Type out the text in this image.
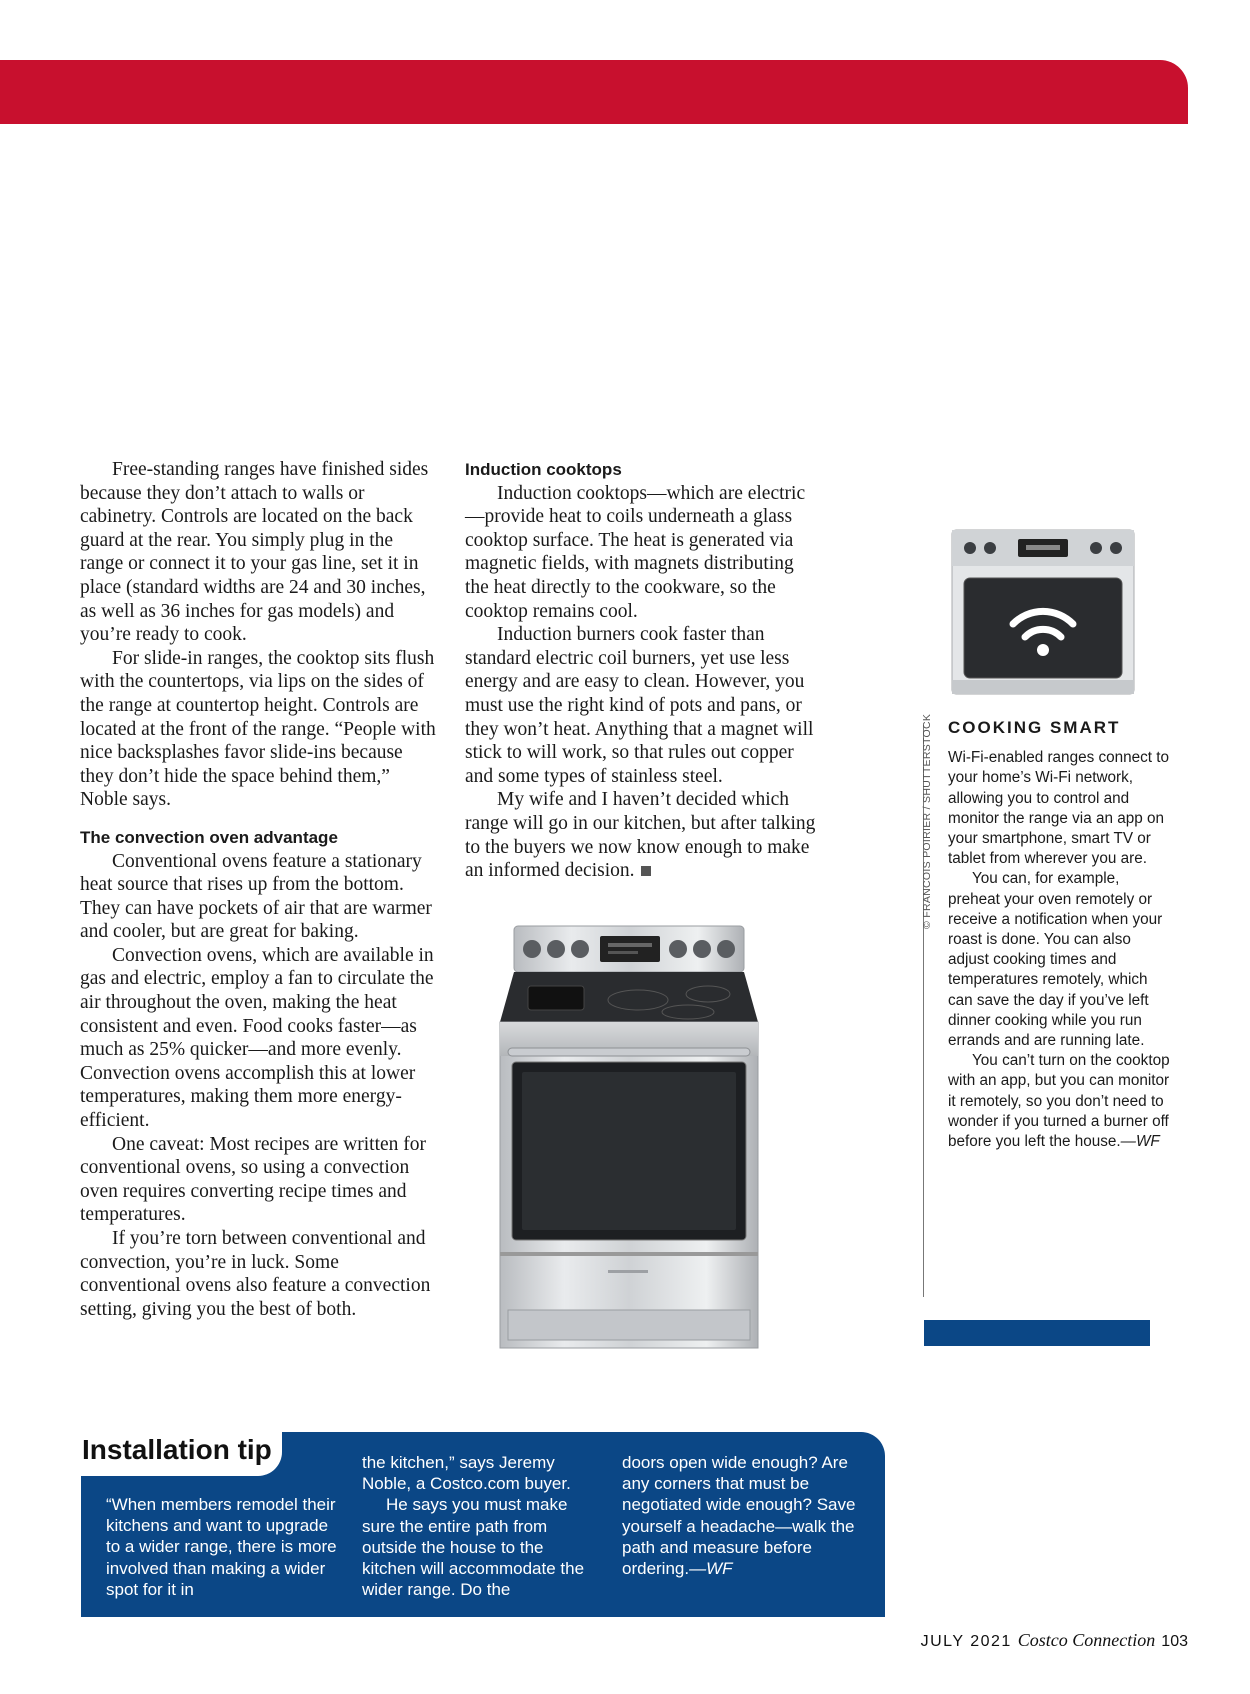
Free-standing ranges have finished sides because they don’t attach to walls or cabinetry. Controls are located on the back guard at the rear. You simply plug in the range or connect it to your gas line, set it in place (standard widths are 24 and 30 inches, as well as 36 inches for gas models) and you’re ready to cook.

For slide-in ranges, the cooktop sits flush with the countertops, via lips on the sides of the range at countertop height. Controls are located at the front of the range. “People with nice backsplashes favor slide-ins because they don’t hide the space behind them,” Noble says.

The convection oven advantage

Conventional ovens feature a stationary heat source that rises up from the bottom. They can have pockets of air that are warmer and cooler, but are great for baking.

Convection ovens, which are available in gas and electric, employ a fan to circulate the air throughout the oven, making the heat consistent and even. Food cooks faster—as much as 25% quicker—and more evenly. Convection ovens accomplish this at lower temperatures, making them more energy-efficient.

One caveat: Most recipes are written for conventional ovens, so using a convection oven requires converting recipe times and temperatures.

If you’re torn between conventional and convection, you’re in luck. Some conventional ovens also feature a convection setting, giving you the best of both.

Induction cooktops

Induction cooktops—which are electric—provide heat to coils underneath a glass cooktop surface. The heat is generated via magnetic fields, with magnets distributing the heat directly to the cookware, so the cooktop remains cool.

Induction burners cook faster than standard electric coil burners, yet use less energy and are easy to clean. However, you must use the right kind of pots and pans, or they won’t heat. Anything that a magnet will stick to will work, so that rules out copper and some types of stainless steel.

My wife and I haven’t decided which range will go in our kitchen, but after talking to the buyers we now know enough to make an informed decision.	© FRANCOIS POIRIER / SHUTTERSTOCK COOKING SMART

Wi-Fi-enabled ranges connect to your home’s Wi-Fi network, allowing you to control and monitor the range via an app on your smartphone, smart TV or tablet from wherever you are.

You can, for example, preheat your oven remotely or receive a notification when your roast is done. You can also adjust cooking times and temperatures remotely, which can save the day if you’ve left dinner cooking while you run errands and are running late.

You can’t turn on the cooktop with an app, but you can monitor it remotely, so you don’t need to wonder if you turned a burner off before you left the house.—WF

Installation tip

“When members remodel their kitchens and want to upgrade to a wider range, there is more involved than making a wider spot for it in

the kitchen,” says Jeremy Noble, a Costco.com buyer.

He says you must make sure the entire path from outside the house to the kitchen will accommodate the wider range. Do the

doors open wide enough? Are any corners that must be negotiated wide enough? Save yourself a headache—walk the path and measure before ordering.—WF

JULY 2021 Costco Connection 103
